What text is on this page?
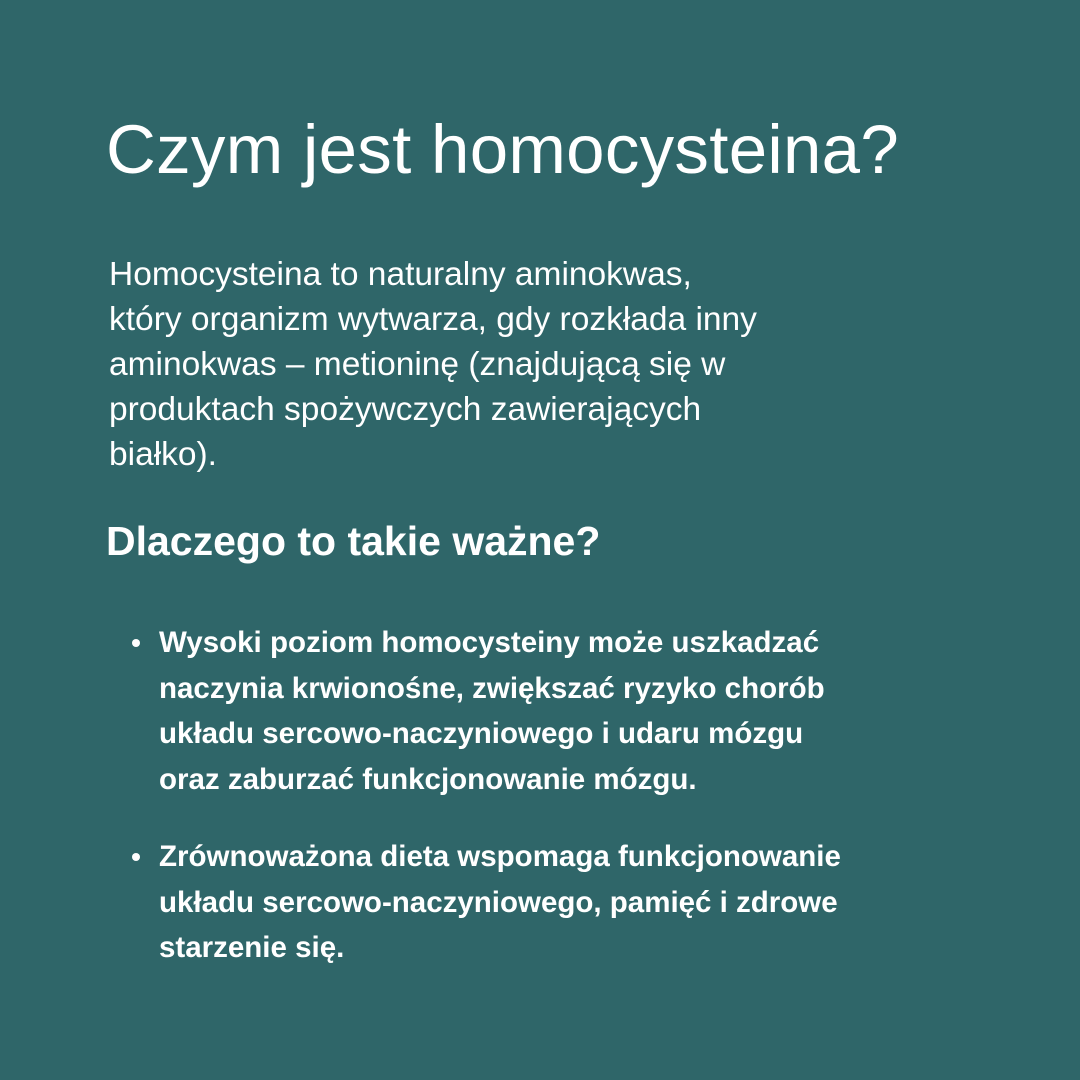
Czym jest homocysteina?

Homocysteina to naturalny aminokwas,
który organizm wytwarza, gdy rozkłada inny
aminokwas – metioninę (znajdującą się w
produktach spożywczych zawierających
białko).

Dlaczego to takie ważne?
Wysoki poziom homocysteiny może uszkadzać
naczynia krwionośne, zwiększać ryzyko chorób
układu sercowo-naczyniowego i udaru mózgu
oraz zaburzać funkcjonowanie mózgu.
Zrównoważona dieta wspomaga funkcjonowanie
układu sercowo-naczyniowego, pamięć i zdrowe
starzenie się.
